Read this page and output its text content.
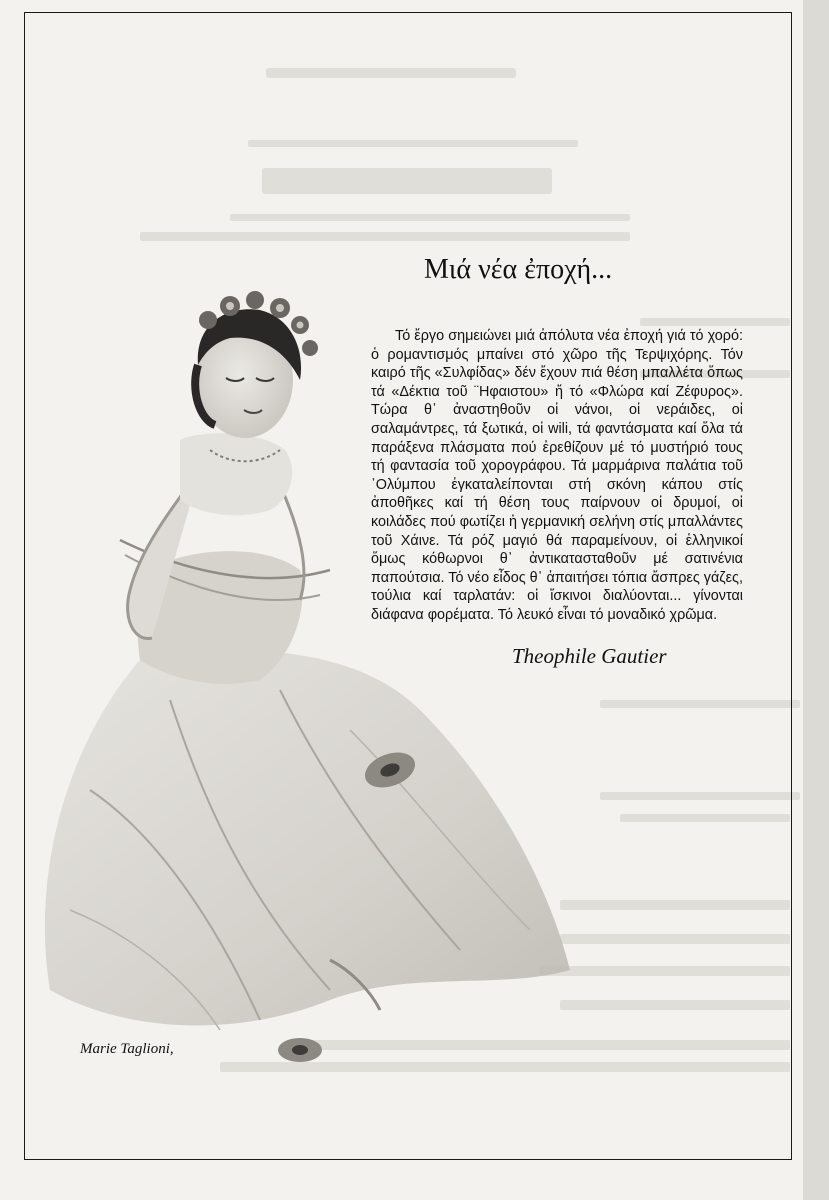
Μιά νέα ἐποχή...

Τό ἔργο σημειώνει μιά ἀπόλυτα νέα ἐποχή γιά τό χορό: ὁ ρομαντισμός μπαίνει στό χῶρο τῆς Τερψιχόρης. Τόν καιρό τῆς «Συλφίδας» δέν ἔχουν πιά θέση μπαλλέτα ὅπως τά «Δέκτια τοῦ ¨Ηφαιστου» ἤ τό «Φλώρα καί Ζέφυρος». Τώρα θ᾽ ἀναστηθοῦν οἱ νάνοι, οἱ νεράιδες, οἱ σαλαμάντρες, τά ξωτικά, οἱ wili, τά φαντάσματα καί ὅλα τά παράξενα πλάσματα πού ἐρεθίζουν μέ τό μυστήριό τους τή φαντασία τοῦ χορογράφου. Τά μαρμάρινα παλάτια τοῦ ᾽Ολύμπου ἐγκαταλείπονται στή σκόνη κάπου στίς ἀποθῆκες καί τή θέση τους παίρνουν οἱ δρυμοί, οἱ κοιλάδες πού φωτίζει ἡ γερμανική σελήνη στίς μπαλλάντες τοῦ Χάινε. Τά ρόζ μαγιό θά παραμείνουν, οἱ ἑλληνικοί ὅμως κόθωρνοι θ᾽ ἀντικατασταθοῦν μέ σατινένια παπούτσια. Τό νέο εἶδος θ᾽ ἀπαιτήσει τόπια ἄσπρες γάζες, τούλια καί ταρλατάν: οἱ ἴσκινοι διαλύονται... γίνονται διάφανα φορέματα. Τό λευκό εἶναι τό μοναδικό χρῶμα.

Theophile Gautier
Marie Taglioni,
